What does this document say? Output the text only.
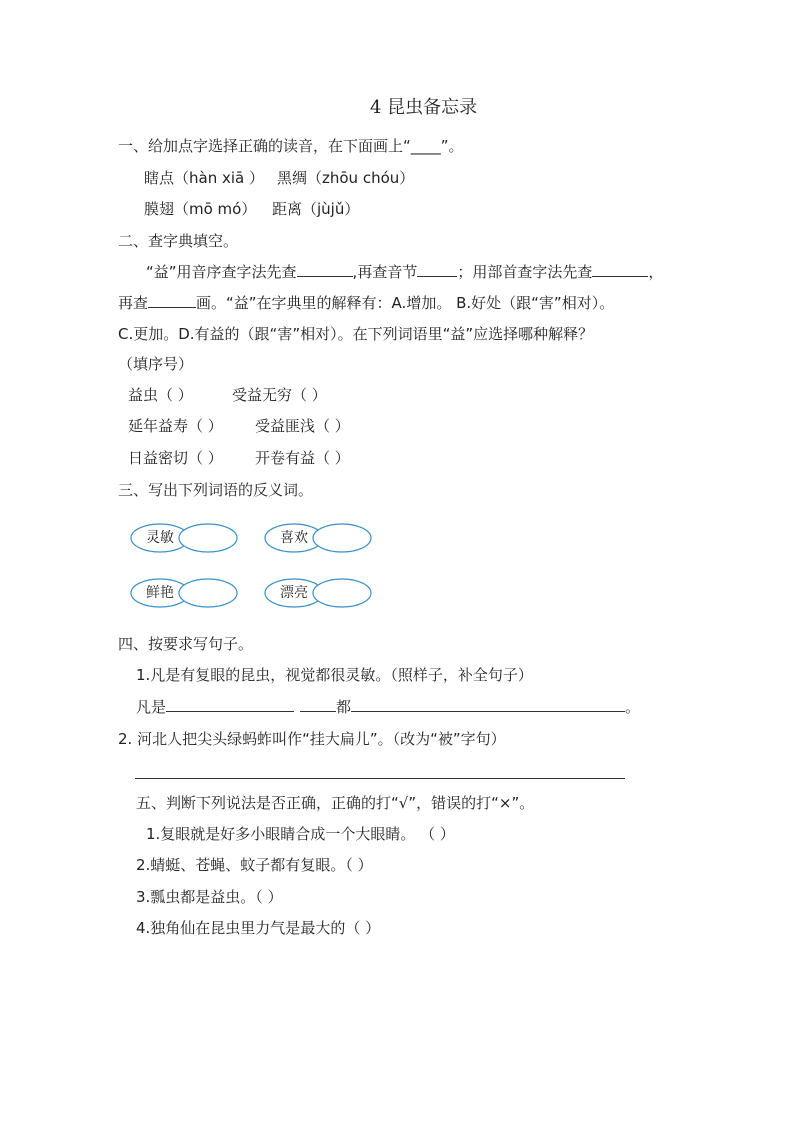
4 昆虫备忘录
一、给加点字选择正确的读音，在下面画上“____”。
瞎点（hàn xiā ） 黑绸（zhōu chóu）
膜翅（mō mó） 距离（jùjǔ）
二、查字典填空。
“益”用音序查字法先查	,再查音节	；用部首查字法先查	，
再查	画。“益”在字典里的解释有：A.增加。 B.好处（跟“害”相对）。
C.更加。D.有益的（跟“害”相对）。在下列词语里“益”应选择哪种解释？
（填序号）
益虫（ ）	受益无穷（ ）
延年益寿（ ） 受益匪浅（ ）
日益密切（ ） 开卷有益（ ）
三、写出下列词语的反义词。
灵敏	喜欢
鲜艳	漂亮
四、按要求写句子。
1.凡是有复眼的昆虫，视觉都很灵敏。（照样子，补全句子）
凡是	都	。
2. 河北人把尖头绿蚂蚱叫作“挂大扁儿”。（改为“被”字句）
五、判断下列说法是否正确，正确的打“√”，错误的打“×”。
1.复眼就是好多小眼睛合成一个大眼睛。 （ ）
2.蜻蜓、苍蝇、蚊子都有复眼。（ ）
3.瓢虫都是益虫。（ ）
4.独角仙在昆虫里力气是最大的（ ）
